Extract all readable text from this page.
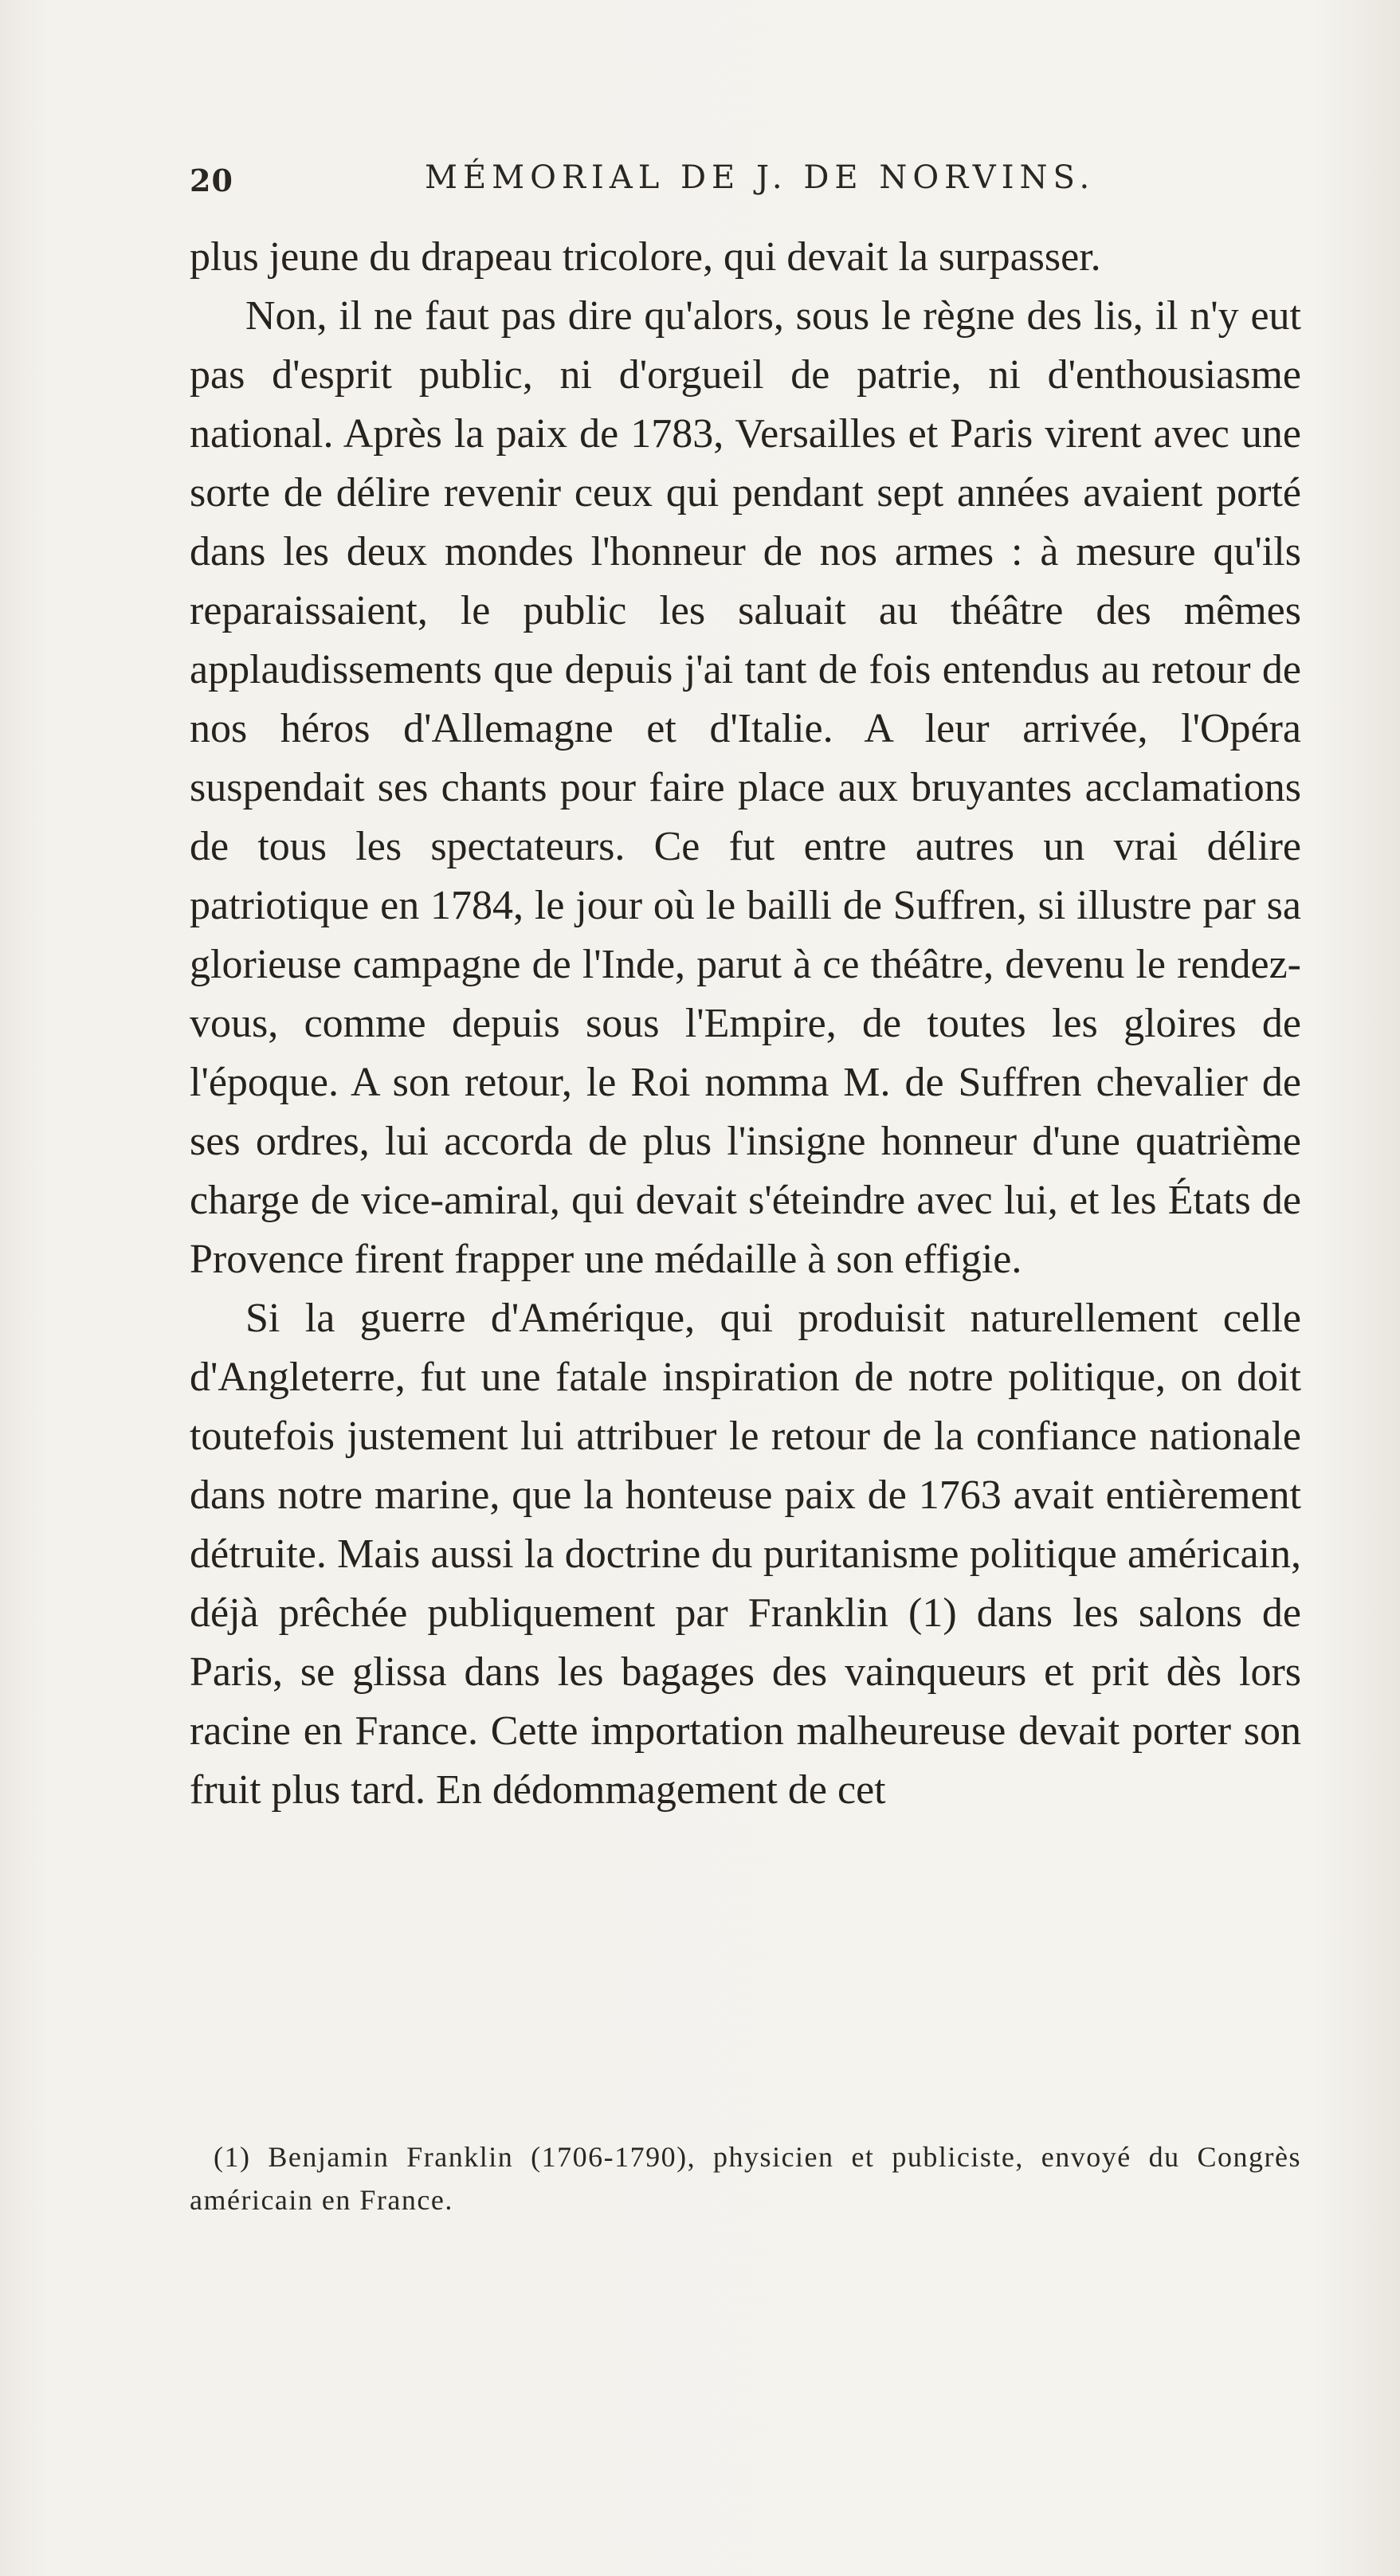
20	MÉMORIAL DE J. DE NORVINS.

plus jeune du drapeau tricolore, qui devait la surpasser.

Non, il ne faut pas dire qu'alors, sous le règne des lis, il n'y eut pas d'esprit public, ni d'orgueil de patrie, ni d'enthousiasme national. Après la paix de 1783, Versailles et Paris virent avec une sorte de délire revenir ceux qui pendant sept années avaient porté dans les deux mondes l'honneur de nos armes : à mesure qu'ils reparaissaient, le public les saluait au théâtre des mêmes applaudissements que depuis j'ai tant de fois entendus au retour de nos héros d'Allemagne et d'Italie. A leur arrivée, l'Opéra suspendait ses chants pour faire place aux bruyantes acclamations de tous les spectateurs. Ce fut entre autres un vrai délire patriotique en 1784, le jour où le bailli de Suffren, si illustre par sa glorieuse campagne de l'Inde, parut à ce théâtre, devenu le rendez-vous, comme depuis sous l'Empire, de toutes les gloires de l'époque. A son retour, le Roi nomma M. de Suffren chevalier de ses ordres, lui accorda de plus l'insigne honneur d'une quatrième charge de vice-amiral, qui devait s'éteindre avec lui, et les États de Provence firent frapper une médaille à son effigie.

Si la guerre d'Amérique, qui produisit naturellement celle d'Angleterre, fut une fatale inspiration de notre politique, on doit toutefois justement lui attribuer le retour de la confiance nationale dans notre marine, que la honteuse paix de 1763 avait entièrement détruite. Mais aussi la doctrine du puritanisme politique américain, déjà prêchée publiquement par Franklin (1) dans les salons de Paris, se glissa dans les bagages des vainqueurs et prit dès lors racine en France. Cette importation malheureuse devait porter son fruit plus tard. En dédommagement de cet

(1) Benjamin Franklin (1706-1790), physicien et publiciste, envoyé du Congrès américain en France.
